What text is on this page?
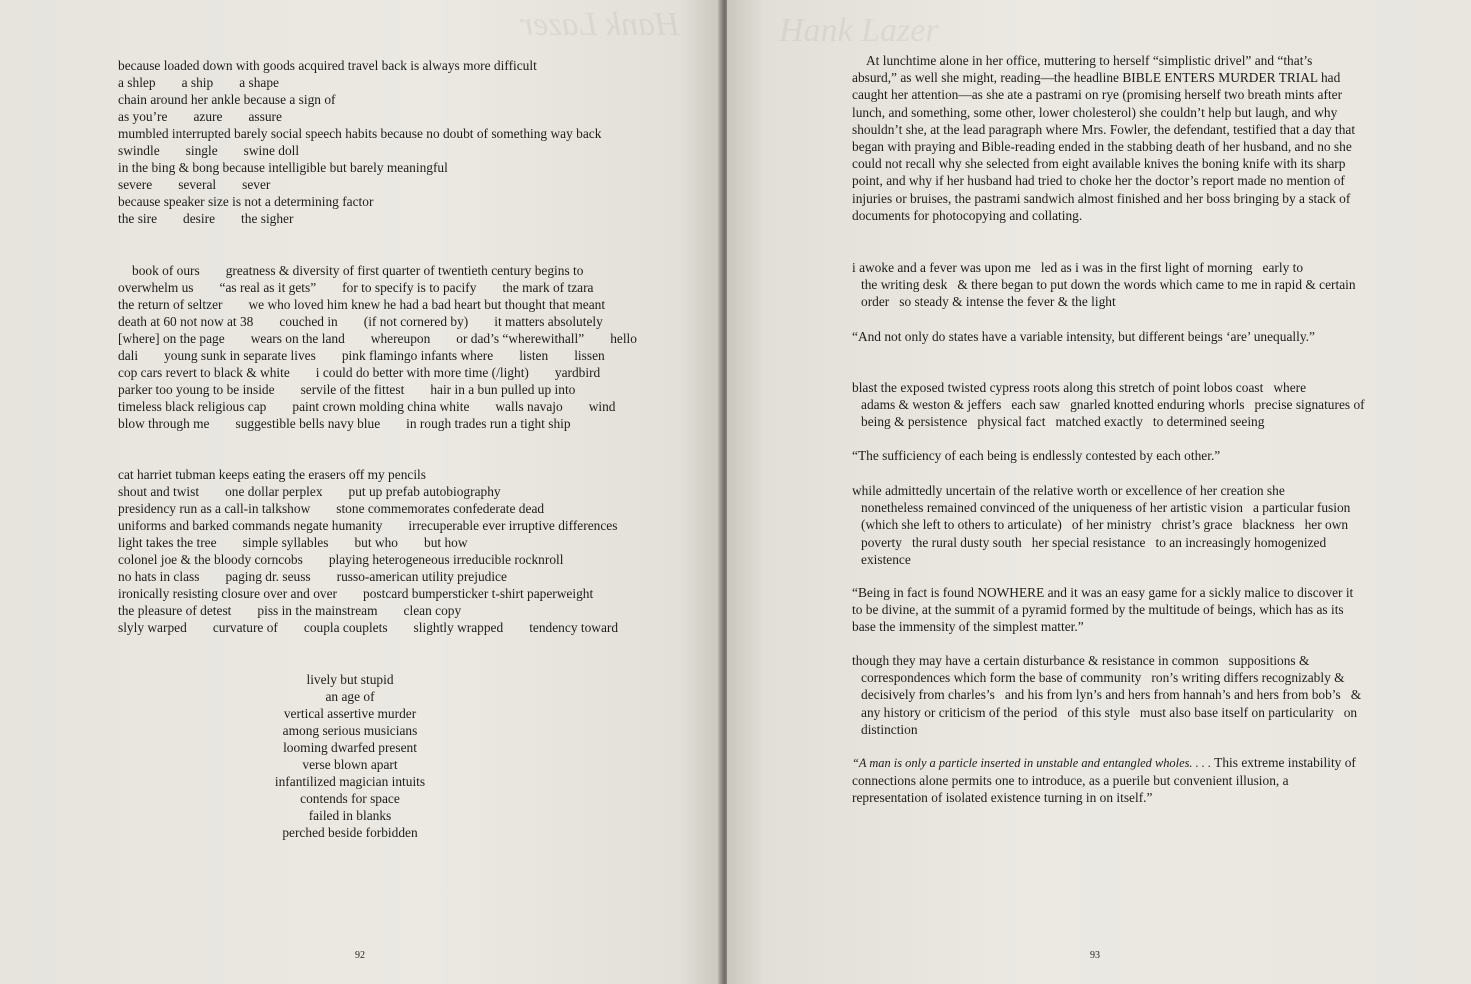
Hank Lazer
because loaded down with goods acquired travel back is always more difficult
a shlep a ship a shape
chain around her ankle because a sign of
as you’re azure assure
mumbled interrupted barely social speech habits because no doubt of something way back
swindle single swine doll
in the bing & bong because intelligible but barely meaningful
severe several sever
because speaker size is not a determining factor
the sire desire the sigher
book of ours greatness & diversity of first quarter of twentieth century begins to
overwhelm us “as real as it gets” for to specify is to pacify the mark of tzara
the return of seltzer we who loved him knew he had a bad heart but thought that meant
death at 60 not now at 38 couched in (if not cornered by) it matters absolutely
[where] on the page wears on the land whereupon or dad’s “wherewithall” hello
dali young sunk in separate lives pink flamingo infants where listen lissen
cop cars revert to black & white i could do better with more time (/light) yardbird
parker too young to be inside servile of the fittest hair in a bun pulled up into
timeless black religious cap paint crown molding china white walls navajo wind
blow through me suggestible bells navy blue in rough trades run a tight ship
cat harriet tubman keeps eating the erasers off my pencils
shout and twist one dollar perplex put up prefab autobiography
presidency run as a call-in talkshow stone commemorates confederate dead
uniforms and barked commands negate humanity irrecuperable ever irruptive differences
light takes the tree simple syllables but who but how
colonel joe & the bloody corncobs playing heterogeneous irreducible rocknroll
no hats in class paging dr. seuss russo-american utility prejudice
ironically resisting closure over and over postcard bumpersticker t-shirt paperweight
the pleasure of detest piss in the mainstream clean copy
slyly warped curvature of coupla couplets slightly wrapped tendency toward
lively but stupid
an age of
vertical assertive murder
among serious musicians
looming dwarfed present
verse blown apart
infantilized magician intuits
contends for space
failed in blanks
perched beside forbidden
92
Hank Lazer

At lunchtime alone in her office, muttering to herself “simplistic drivel” and “that’s absurd,” as well she might, reading—the headline BIBLE ENTERS MURDER TRIAL had caught her attention—as she ate a pastrami on rye (promising herself two breath mints after lunch, and something, some other, lower cholesterol) she couldn’t help but laugh, and why shouldn’t she, at the lead paragraph where Mrs. Fowler, the defendant, testified that a day that began with praying and Bible-reading ended in the stabbing death of her husband, and no she could not recall why she selected from eight available knives the boning knife with its sharp point, and why if her husband had tried to choke her the doctor’s report made no mention of injuries or bruises, the pastrami sandwich almost finished and her boss bringing by a stack of documents for photocopying and collating.

i awoke and a fever was upon me   led as i was in the first light of morning   early to

the writing desk   & there began to put down the words which came to me in rapid & certain order   so steady & intense the fever & the light

“And not only do states have a variable intensity, but different beings ‘are’ unequally.”

blast the exposed twisted cypress roots along this stretch of point lobos coast   where

adams & weston & jeffers   each saw   gnarled knotted enduring whorls   precise signatures of being & persistence   physical fact   matched exactly   to determined seeing

“The sufficiency of each being is endlessly contested by each other.”

while admittedly uncertain of the relative worth or excellence of her creation she

nonetheless remained convinced of the uniqueness of her artistic vision   a particular fusion   (which she left to others to articulate)   of her ministry   christ’s grace   blackness   her own poverty   the rural dusty south   her special resistance   to an increasingly homogenized existence

“Being in fact is found NOWHERE and it was an easy game for a sickly malice to discover it to be divine, at the summit of a pyramid formed by the multitude of beings, which has as its base the immensity of the simplest matter.”

though they may have a certain disturbance & resistance in common   suppositions &

correspondences which form the base of community   ron’s writing differs recognizably & decisively from charles’s   and his from lyn’s and hers from hannah’s and hers from bob’s   & any history or criticism of the period   of this style   must also base itself on particularity   on distinction

“A man is only a particle inserted in unstable and entangled wholes. . . . This extreme instability of connections alone permits one to introduce, as a puerile but convenient illusion, a representation of isolated existence turning in on itself.”

93
